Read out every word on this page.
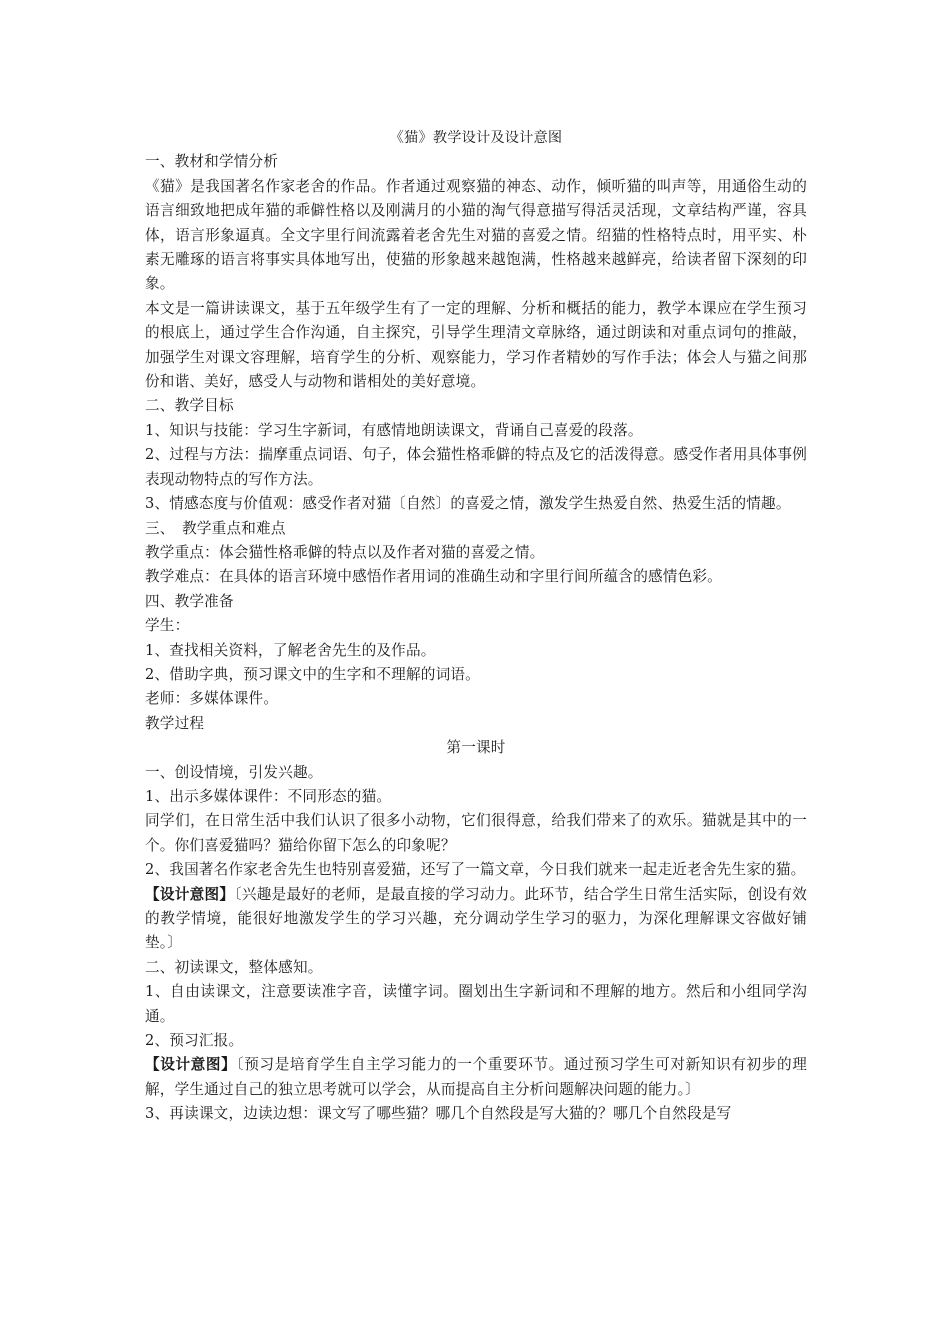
《猫》教学设计及设计意图

一、教材和学情分析

《猫》是我国著名作家老舍的作品。作者通过观察猫的神态、动作，倾听猫的叫声等，用通俗生动的语言细致地把成年猫的乖僻性格以及刚满月的小猫的淘气得意描写得活灵活现，文章结构严谨，容具体，语言形象逼真。全文字里行间流露着老舍先生对猫的喜爱之情。绍猫的性格特点时，用平实、朴素无雕琢的语言将事实具体地写出，使猫的形象越来越饱满，性格越来越鲜亮，给读者留下深刻的印象。

本文是一篇讲读课文，基于五年级学生有了一定的理解、分析和概括的能力，教学本课应在学生预习的根底上，通过学生合作沟通，自主探究，引导学生理清文章脉络，通过朗读和对重点词句的推敲，加强学生对课文容理解，培育学生的分析、观察能力，学习作者精妙的写作手法；体会人与猫之间那份和谐、美好，感受人与动物和谐相处的美好意境。

二、教学目标

1、知识与技能：学习生字新词，有感情地朗读课文，背诵自己喜爱的段落。

2、过程与方法：揣摩重点词语、句子，体会猫性格乖僻的特点及它的活泼得意。感受作者用具体事例表现动物特点的写作方法。

3、情感态度与价值观：感受作者对猫〔自然〕的喜爱之情，激发学生热爱自然、热爱生活的情趣。

三、　教学重点和难点

教学重点：体会猫性格乖僻的特点以及作者对猫的喜爱之情。

教学难点：在具体的语言环境中感悟作者用词的准确生动和字里行间所蕴含的感情色彩。

四、教学准备

学生：

1、查找相关资料，了解老舍先生的及作品。

2、借助字典，预习课文中的生字和不理解的词语。

老师：多媒体课件。

教学过程

第一课时

一、创设情境，引发兴趣。

1、出示多媒体课件：不同形态的猫。

同学们，在日常生活中我们认识了很多小动物，它们很得意，给我们带来了的欢乐。猫就是其中的一个。你们喜爱猫吗？猫给你留下怎么的印象呢？

2、我国著名作家老舍先生也特别喜爱猫，还写了一篇文章，今日我们就来一起走近老舍先生家的猫。

【设计意图】〔兴趣是最好的老师，是最直接的学习动力。此环节，结合学生日常生活实际，创设有效的教学情境，能很好地激发学生的学习兴趣，充分调动学生学习的驱力，为深化理解课文容做好铺垫。〕

二、初读课文，整体感知。

1、自由读课文，注意要读准字音，读懂字词。圈划出生字新词和不理解的地方。然后和小组同学沟通。

2、预习汇报。

【设计意图】〔预习是培育学生自主学习能力的一个重要环节。通过预习学生可对新知识有初步的理解，学生通过自己的独立思考就可以学会，从而提高自主分析问题解决问题的能力。〕

3、再读课文，边读边想：课文写了哪些猫？哪几个自然段是写大猫的？哪几个自然段是写
